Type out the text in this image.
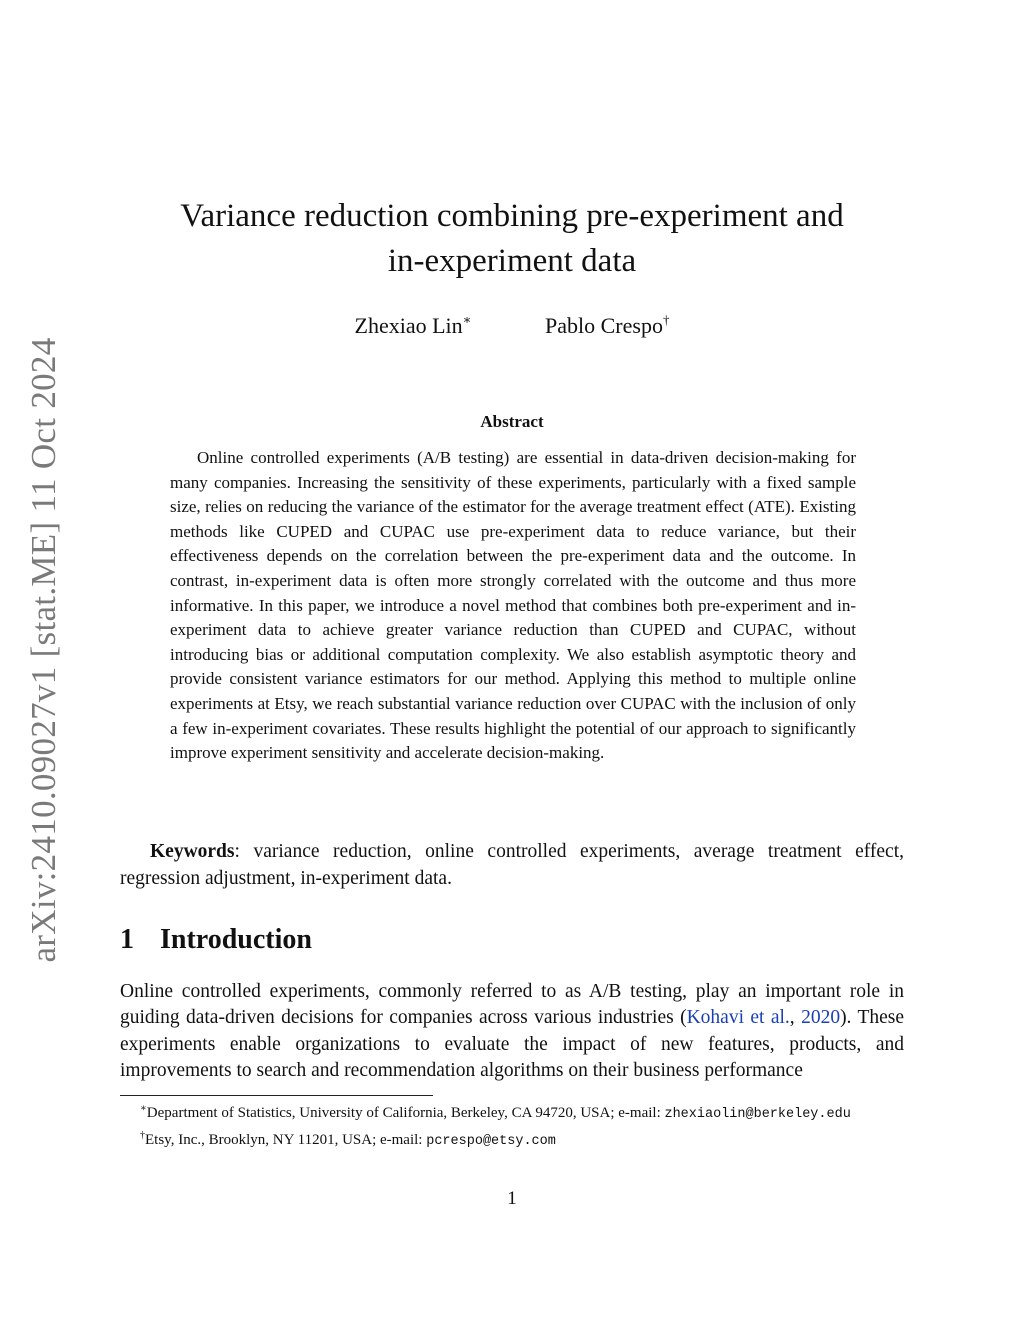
arXiv:2410.09027v1 [stat.ME] 11 Oct 2024
Variance reduction combining pre-experiment and
in-experiment data
Zhexiao Lin∗	Pablo Crespo†
Abstract

Online controlled experiments (A/B testing) are essential in data-driven decision-making for many companies. Increasing the sensitivity of these experiments, particularly with a fixed sample size, relies on reducing the variance of the estimator for the average treatment effect (ATE). Existing methods like CUPED and CUPAC use pre-experiment data to reduce variance, but their effectiveness depends on the correlation between the pre-experiment data and the outcome. In contrast, in-experiment data is often more strongly correlated with the outcome and thus more informative. In this paper, we introduce a novel method that combines both pre-experiment and in-experiment data to achieve greater variance reduction than CUPED and CUPAC, without introducing bias or additional computation complexity. We also establish asymptotic theory and provide consistent variance estimators for our method. Applying this method to multiple online experiments at Etsy, we reach substantial variance reduction over CUPAC with the inclusion of only a few in-experiment covariates. These results highlight the potential of our approach to significantly improve experiment sensitivity and accelerate decision-making.

Keywords: variance reduction, online controlled experiments, average treatment effect, regression adjustment, in-experiment data.

1 Introduction

Online controlled experiments, commonly referred to as A/B testing, play an important role in guiding data-driven decisions for companies across various industries (Kohavi et al., 2020). These experiments enable organizations to evaluate the impact of new features, products, and improvements to search and recommendation algorithms on their business performance

∗Department of Statistics, University of California, Berkeley, CA 94720, USA; e-mail: zhexiaolin@berkeley.edu

†Etsy, Inc., Brooklyn, NY 11201, USA; e-mail: pcrespo@etsy.com

1
